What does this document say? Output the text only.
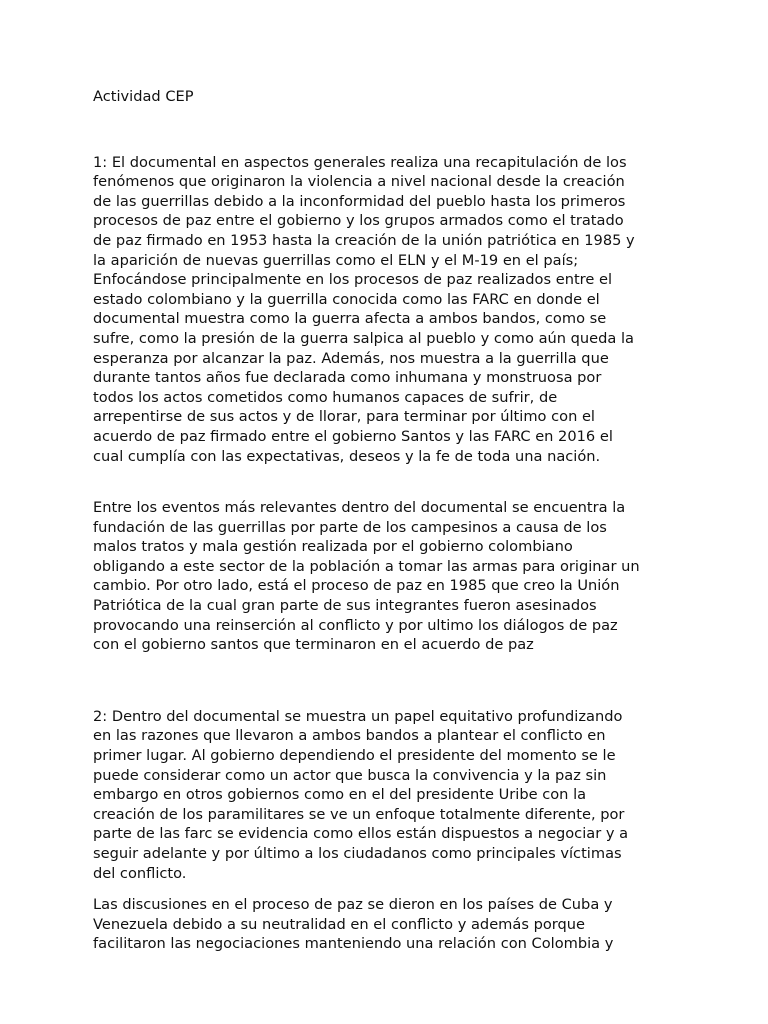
Actividad CEP

1: El documental en aspectos generales realiza una recapitulación de los
fenómenos que originaron la violencia a nivel nacional desde la creación
de las guerrillas debido a la inconformidad del pueblo hasta los primeros
procesos de paz entre el gobierno y los grupos armados como el tratado
de paz firmado en 1953 hasta la creación de la unión patriótica en 1985 y
la aparición de nuevas guerrillas como el ELN y el M-19 en el país;
Enfocándose principalmente en los procesos de paz realizados entre el
estado colombiano y la guerrilla conocida como las FARC en donde el
documental muestra como la guerra afecta a ambos bandos, como se
sufre, como la presión de la guerra salpica al pueblo y como aún queda la
esperanza por alcanzar la paz. Además, nos muestra a la guerrilla que
durante tantos años fue declarada como inhumana y monstruosa por
todos los actos cometidos como humanos capaces de sufrir, de
arrepentirse de sus actos y de llorar, para terminar por último con el
acuerdo de paz firmado entre el gobierno Santos y las FARC en 2016 el
cual cumplía con las expectativas, deseos y la fe de toda una nación.

Entre los eventos más relevantes dentro del documental se encuentra la
fundación de las guerrillas por parte de los campesinos a causa de los
malos tratos y mala gestión realizada por el gobierno colombiano
obligando a este sector de la población a tomar las armas para originar un
cambio. Por otro lado, está el proceso de paz en 1985 que creo la Unión
Patriótica de la cual gran parte de sus integrantes fueron asesinados
provocando una reinserción al conflicto y por ultimo los diálogos de paz
con el gobierno santos que terminaron en el acuerdo de paz

2: Dentro del documental se muestra un papel equitativo profundizando
en las razones que llevaron a ambos bandos a plantear el conflicto en
primer lugar. Al gobierno dependiendo el presidente del momento se le
puede considerar como un actor que busca la convivencia y la paz sin
embargo en otros gobiernos como en el del presidente Uribe con la
creación de los paramilitares se ve un enfoque totalmente diferente, por
parte de las farc se evidencia como ellos están dispuestos a negociar y a
seguir adelante y por último a los ciudadanos como principales víctimas
del conflicto.

Las discusiones en el proceso de paz se dieron en los países de Cuba y
Venezuela debido a su neutralidad en el conflicto y además porque
facilitaron las negociaciones manteniendo una relación con Colombia y
